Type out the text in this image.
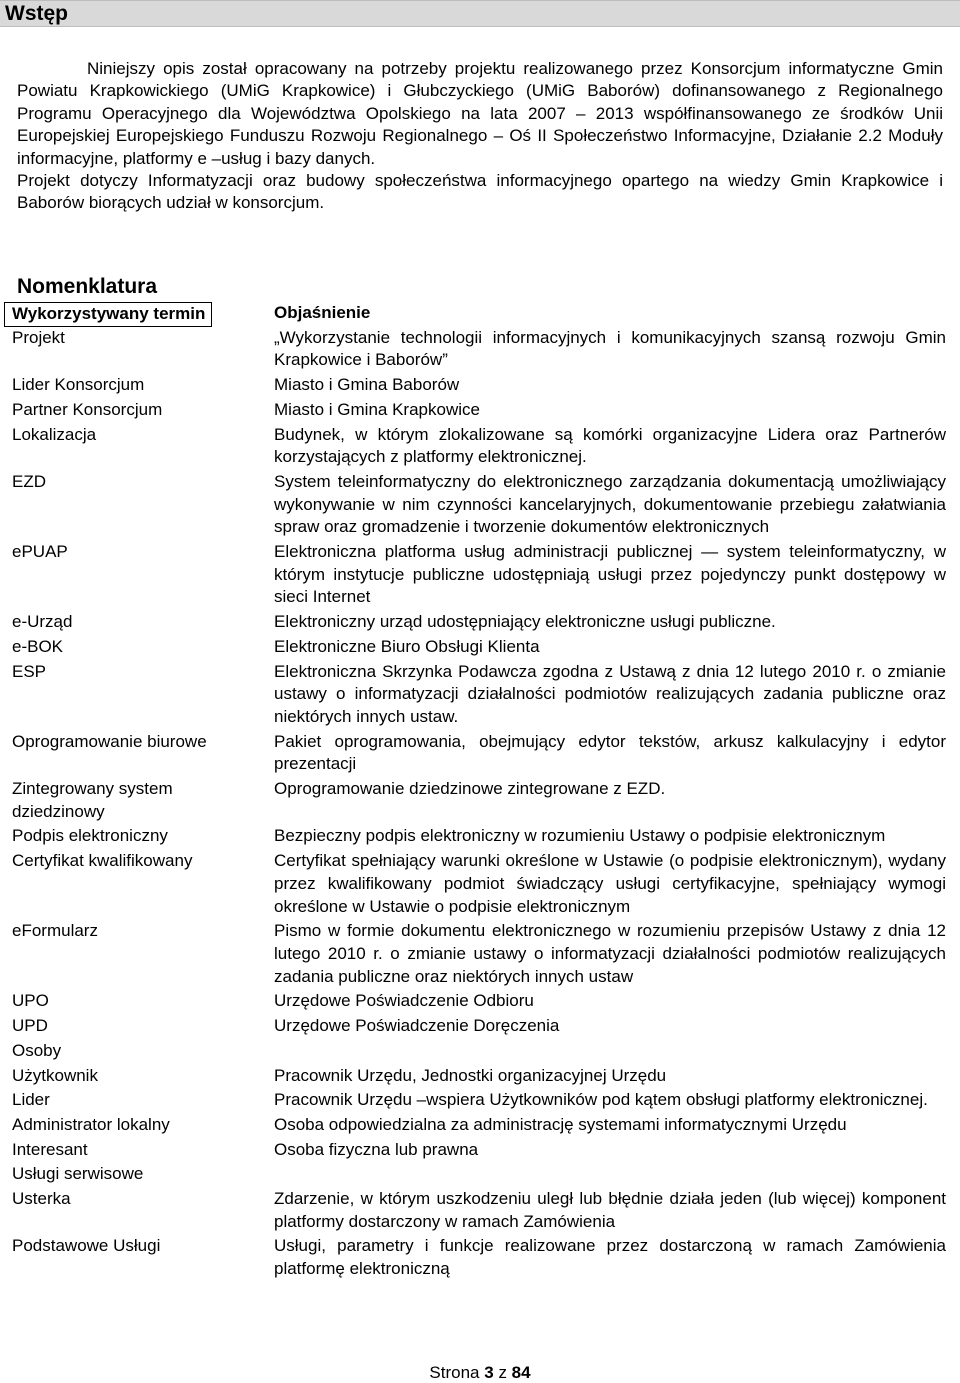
Wstęp

Niniejszy opis został opracowany na potrzeby projektu realizowanego przez Konsorcjum informatyczne Gmin Powiatu Krapkowickiego (UMiG Krapkowice) i Głubczyckiego (UMiG Baborów) dofinansowanego z Regionalnego Programu Operacyjnego dla Województwa Opolskiego na lata 2007 – 2013 współfinansowanego ze środków Unii Europejskiej Europejskiego Funduszu Rozwoju Regionalnego – Oś II Społeczeństwo Informacyjne, Działanie 2.2 Moduły informacyjne, platformy e –usług i bazy danych.

Projekt dotyczy Informatyzacji oraz budowy społeczeństwa informacyjnego opartego na wiedzy Gmin Krapkowice i Baborów biorących udział w konsorcjum.

Nomenklatura
Wykorzystywany termin	Objaśnienie
Projekt	„Wykorzystanie technologii informacyjnych i komunikacyjnych szansą rozwoju Gmin Krapkowice i Baborów”
Lider Konsorcjum	Miasto i Gmina Baborów
Partner Konsorcjum	Miasto i Gmina Krapkowice
Lokalizacja	Budynek, w którym zlokalizowane są komórki organizacyjne Lidera oraz Partnerów korzystających z platformy elektronicznej.
EZD	System teleinformatyczny do elektronicznego zarządzania dokumentacją umożliwiający wykonywanie w nim czynności kancelaryjnych, dokumentowanie przebiegu załatwiania spraw oraz gromadzenie i tworzenie dokumentów elektronicznych
ePUAP	Elektroniczna platforma usług administracji publicznej — system teleinformatyczny, w którym instytucje publiczne udostępniają usługi przez pojedynczy punkt dostępowy w sieci Internet
e-Urząd	Elektroniczny urząd udostępniający elektroniczne usługi publiczne.
e-BOK	Elektroniczne Biuro Obsługi Klienta
ESP	Elektroniczna Skrzynka Podawcza zgodna z Ustawą z dnia 12 lutego 2010 r. o zmianie ustawy o informatyzacji działalności podmiotów realizujących zadania publiczne oraz niektórych innych ustaw.
Oprogramowanie biurowe	Pakiet oprogramowania, obejmujący edytor tekstów, arkusz kalkulacyjny i edytor prezentacji
Zintegrowany system dziedzinowy	Oprogramowanie dziedzinowe zintegrowane z EZD.
Podpis elektroniczny	Bezpieczny podpis elektroniczny w rozumieniu Ustawy o podpisie elektronicznym
Certyfikat kwalifikowany	Certyfikat spełniający warunki określone w Ustawie (o podpisie elektronicznym), wydany przez kwalifikowany podmiot świadczący usługi certyfikacyjne, spełniający wymogi określone w Ustawie o podpisie elektronicznym
eFormularz	Pismo w formie dokumentu elektronicznego w rozumieniu przepisów Ustawy z dnia 12 lutego 2010 r. o zmianie ustawy o informatyzacji działalności podmiotów realizujących zadania publiczne oraz niektórych innych ustaw
UPO	Urzędowe Poświadczenie Odbioru
UPD	Urzędowe Poświadczenie Doręczenia
Osoby	
Użytkownik	Pracownik Urzędu, Jednostki organizacyjnej Urzędu
Lider	Pracownik Urzędu –wspiera Użytkowników pod kątem obsługi platformy elektronicznej.
Administrator lokalny	Osoba odpowiedzialna za administrację systemami informatycznymi Urzędu
Interesant	Osoba fizyczna lub prawna
Usługi serwisowe	
Usterka	Zdarzenie, w którym uszkodzeniu uległ lub błędnie działa jeden (lub więcej) komponent platformy dostarczony w ramach Zamówienia
Podstawowe Usługi	Usługi, parametry i funkcje realizowane przez dostarczoną w ramach Zamówienia platformę elektroniczną
Strona 3 z 84
